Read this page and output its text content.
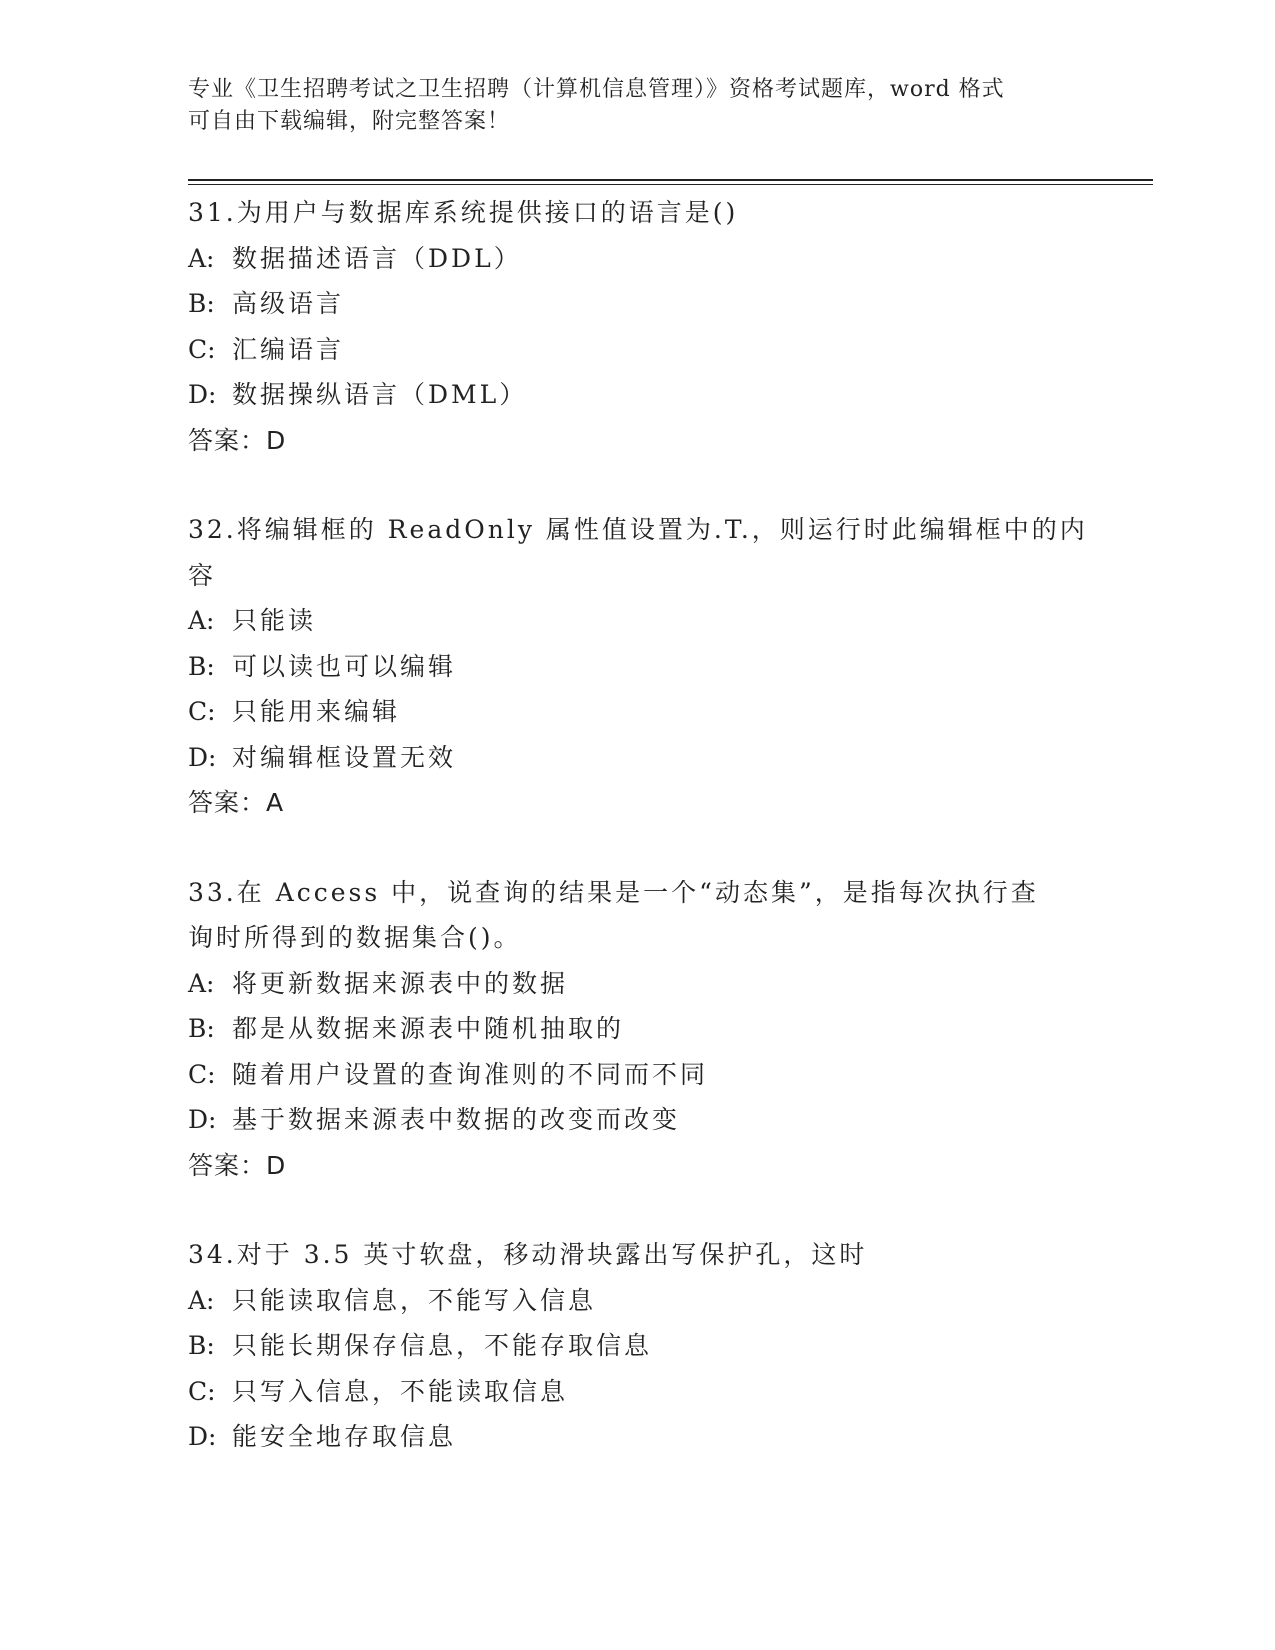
专业《卫生招聘考试之卫生招聘（计算机信息管理）》资格考试题库，word 格式
可自由下载编辑，附完整答案！
31.为用户与数据库系统提供接口的语言是()
A: 数据描述语言（DDL）
B: 高级语言
C: 汇编语言
D: 数据操纵语言（DML）
答案：D
32.将编辑框的 ReadOnly 属性值设置为.T.，则运行时此编辑框中的内
容
A: 只能读
B: 可以读也可以编辑
C: 只能用来编辑
D: 对编辑框设置无效
答案：A
33.在 Access 中，说查询的结果是一个“动态集”，是指每次执行查
询时所得到的数据集合()。
A: 将更新数据来源表中的数据
B: 都是从数据来源表中随机抽取的
C: 随着用户设置的查询准则的不同而不同
D: 基于数据来源表中数据的改变而改变
答案：D
34.对于 3.5 英寸软盘，移动滑块露出写保护孔，这时
A: 只能读取信息，不能写入信息
B: 只能长期保存信息，不能存取信息
C: 只写入信息，不能读取信息
D: 能安全地存取信息
